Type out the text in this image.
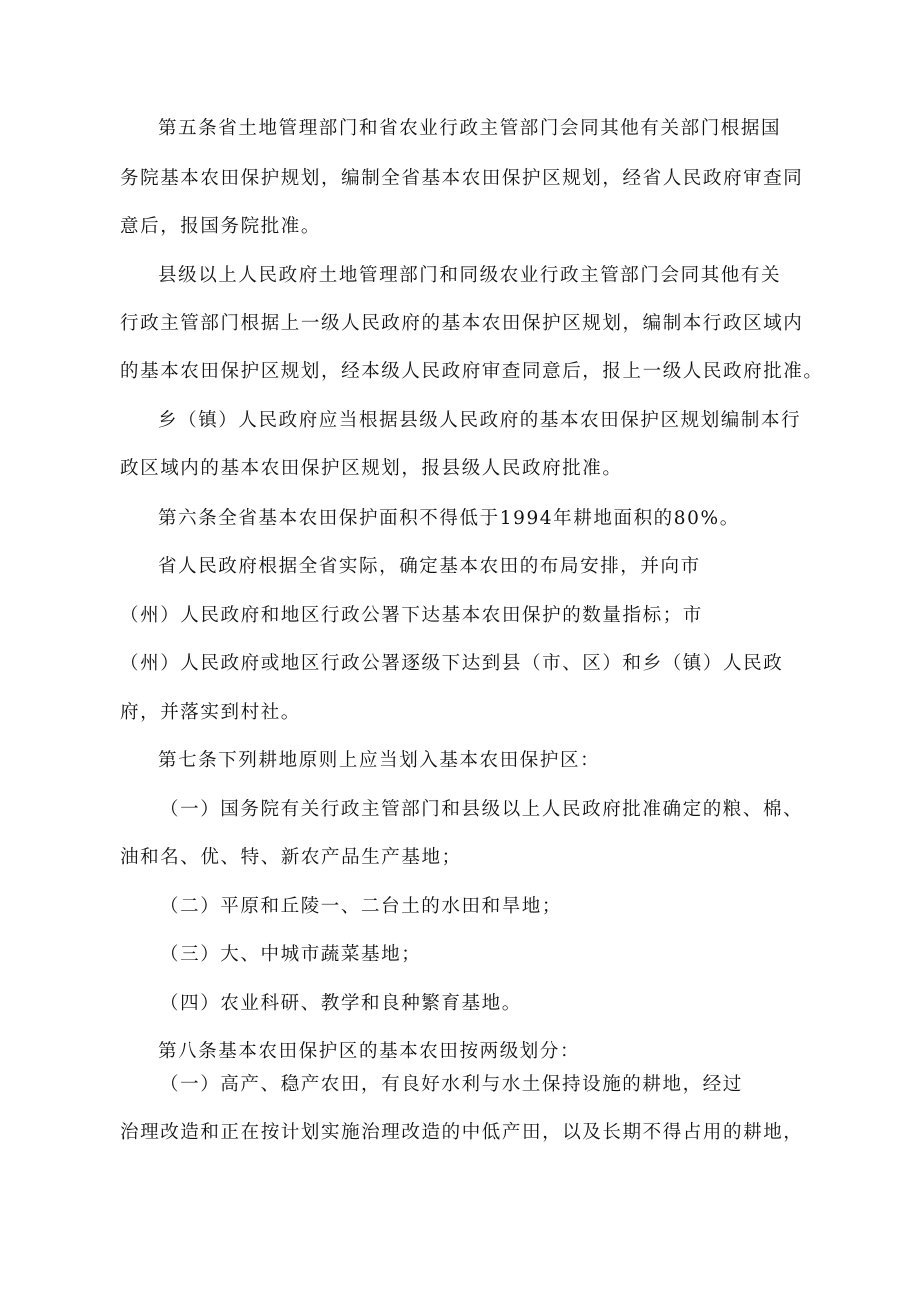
第五条省土地管理部门和省农业行政主管部门会同其他有关部门根据国
务院基本农田保护规划，编制全省基本农田保护区规划，经省人民政府审查同
意后，报国务院批准。
县级以上人民政府土地管理部门和同级农业行政主管部门会同其他有关
行政主管部门根据上一级人民政府的基本农田保护区规划，编制本行政区域内
的基本农田保护区规划，经本级人民政府审查同意后，报上一级人民政府批准。
乡（镇）人民政府应当根据县级人民政府的基本农田保护区规划编制本行
政区域内的基本农田保护区规划，报县级人民政府批准。
第六条全省基本农田保护面积不得低于1994年耕地面积的80%。
省人民政府根据全省实际，确定基本农田的布局安排，并向市
（州）人民政府和地区行政公署下达基本农田保护的数量指标；市
（州）人民政府或地区行政公署逐级下达到县（市、区）和乡（镇）人民政
府，并落实到村社。
第七条下列耕地原则上应当划入基本农田保护区：
（一）国务院有关行政主管部门和县级以上人民政府批准确定的粮、棉、
油和名、优、特、新农产品生产基地；
（二）平原和丘陵一、二台土的水田和旱地；
（三）大、中城市蔬菜基地；
（四）农业科研、教学和良种繁育基地。
第八条基本农田保护区的基本农田按两级划分：
（一）高产、稳产农田，有良好水利与水土保持设施的耕地，经过
治理改造和正在按计划实施治理改造的中低产田，以及长期不得占用的耕地，
